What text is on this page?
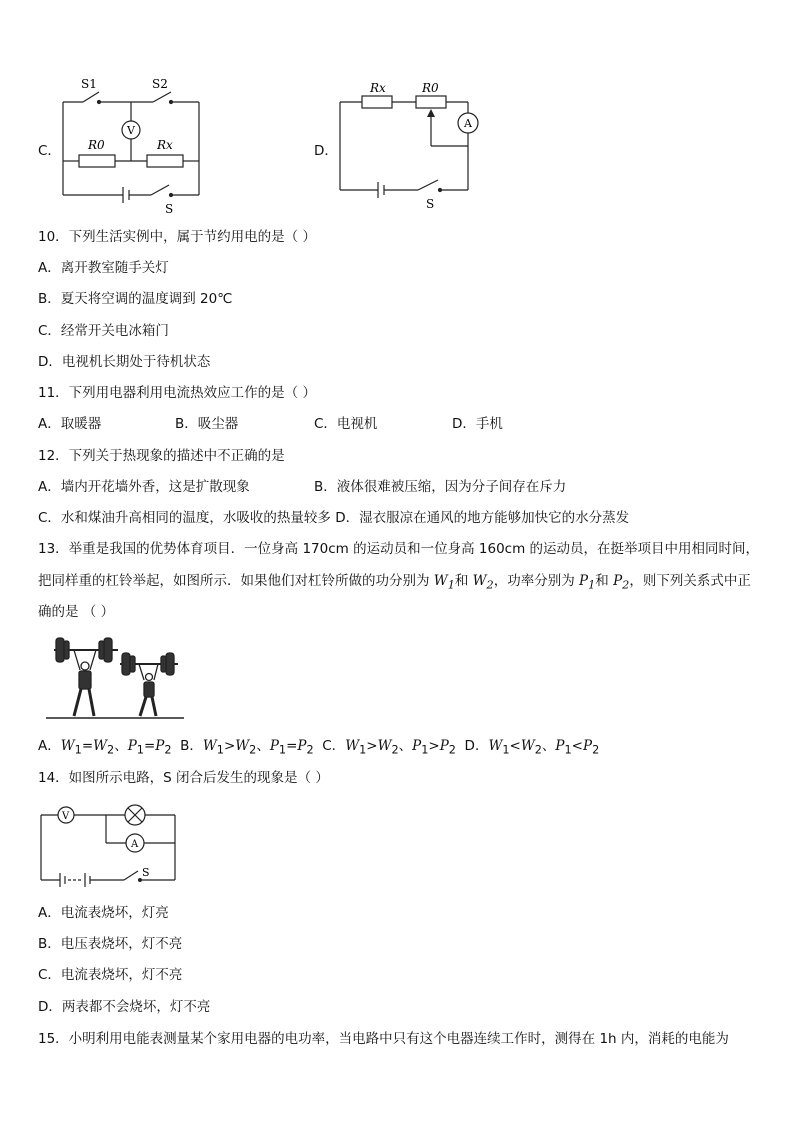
C．
S1	S2
V
R0	Rx
S
D．
Rx	R0
A
S
10．下列生活实例中，属于节约用电的是（ ）
A．离开教室随手关灯
B．夏天将空调的温度调到 20℃
C．经常开关电冰箱门
D．电视机长期处于待机状态
11．下列用电器利用电流热效应工作的是（ ）
A．取暖器	B．吸尘器	C．电视机	D．手机
12．下列关于热现象的描述中不正确的是
A．墙内开花墙外香，这是扩散现象	B．液体很难被压缩，因为分子间存在斥力
C．水和煤油升高相同的温度，水吸收的热量较多 D．湿衣服凉在通风的地方能够加快它的水分蒸发
13．举重是我国的优势体育项目．一位身高 170cm 的运动员和一位身高 160cm 的运动员，在挺举项目中用相同时间，
把同样重的杠铃举起，如图所示．如果他们对杠铃所做的功分别为 $W_1$和 $W_2$，功率分别为 $P_1$和 $P_2$，则下列关系式中正
确的是 （ ）
A．$W_1=W_2$、$P_1=P_2$  B．$W_1>W_2$、$P_1=P_2$  C．$W_1>W_2$、$P_1>P_2$  D．$W_1<W_2$、$P_1<P_2$
14．如图所示电路，S 闭合后发生的现象是（ ）
V
A
S
A．电流表烧坏，灯亮
B．电压表烧坏，灯不亮
C．电流表烧坏，灯不亮
D．两表都不会烧坏，灯不亮
15．小明利用电能表测量某个家用电器的电功率，当电路中只有这个电器连续工作时，测得在 1h 内，消耗的电能为
